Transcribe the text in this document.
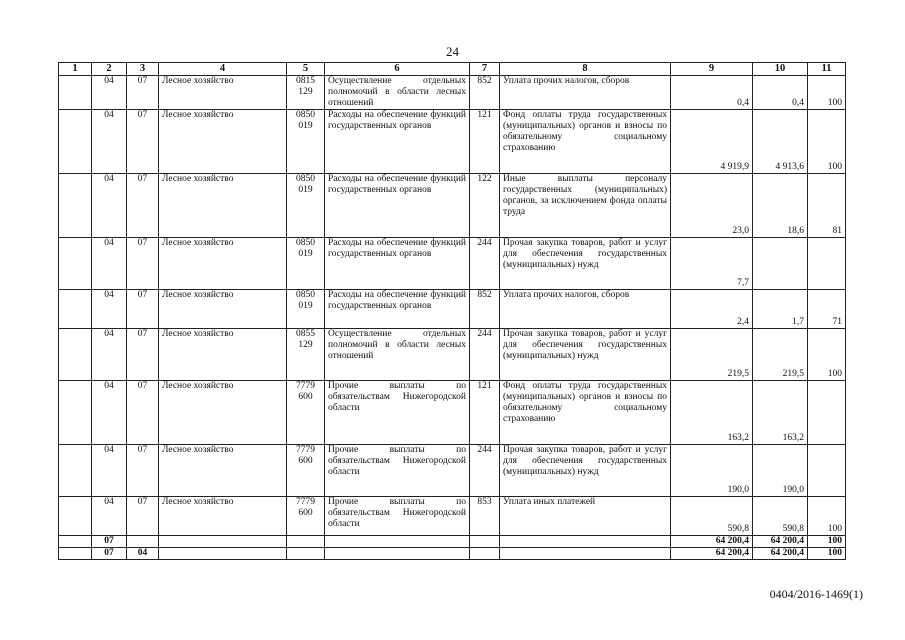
24
1	2	3	4	5	6	7	8	9	10	11
	04	07	Лесное хозяйство	0815 129	Осуществление отдельных полномочий в области лесных отношений	852	Уплата прочих налогов, сборов	0,4	0,4	100
	04	07	Лесное хозяйство	0850 019	Расходы на обеспечение функций государственных органов	121	Фонд оплаты труда государственных (муниципальных) органов и взносы по обязательному социальному страхованию	4 919,9	4 913,6	100
	04	07	Лесное хозяйство	0850 019	Расходы на обеспечение функций государственных органов	122	Иные выплаты персоналу государственных (муниципальных) органов, за исключением фонда оплаты труда	23,0	18,6	81
	04	07	Лесное хозяйство	0850 019	Расходы на обеспечение функций государственных органов	244	Прочая закупка товаров, работ и услуг для обеспечения государственных (муниципальных) нужд	7,7		
	04	07	Лесное хозяйство	0850 019	Расходы на обеспечение функций государственных органов	852	Уплата прочих налогов, сборов	2,4	1,7	71
	04	07	Лесное хозяйство	0855 129	Осуществление отдельных полномочий в области лесных отношений	244	Прочая закупка товаров, работ и услуг для обеспечения государственных (муниципальных) нужд	219,5	219,5	100
	04	07	Лесное хозяйство	7779 600	Прочие выплаты по обязательствам Нижегородской области	121	Фонд оплаты труда государственных (муниципальных) органов и взносы по обязательному социальному страхованию	163,2	163,2	
	04	07	Лесное хозяйство	7779 600	Прочие выплаты по обязательствам Нижегородской области	244	Прочая закупка товаров, работ и услуг для обеспечения государственных (муниципальных) нужд	190,0	190,0	
	04	07	Лесное хозяйство	7779 600	Прочие выплаты по обязательствам Нижегородской области	853	Уплата иных платежей	590,8	590,8	100
	07							64 200,4	64 200,4	100
	07	04						64 200,4	64 200,4	100
0404/2016-1469(1)
